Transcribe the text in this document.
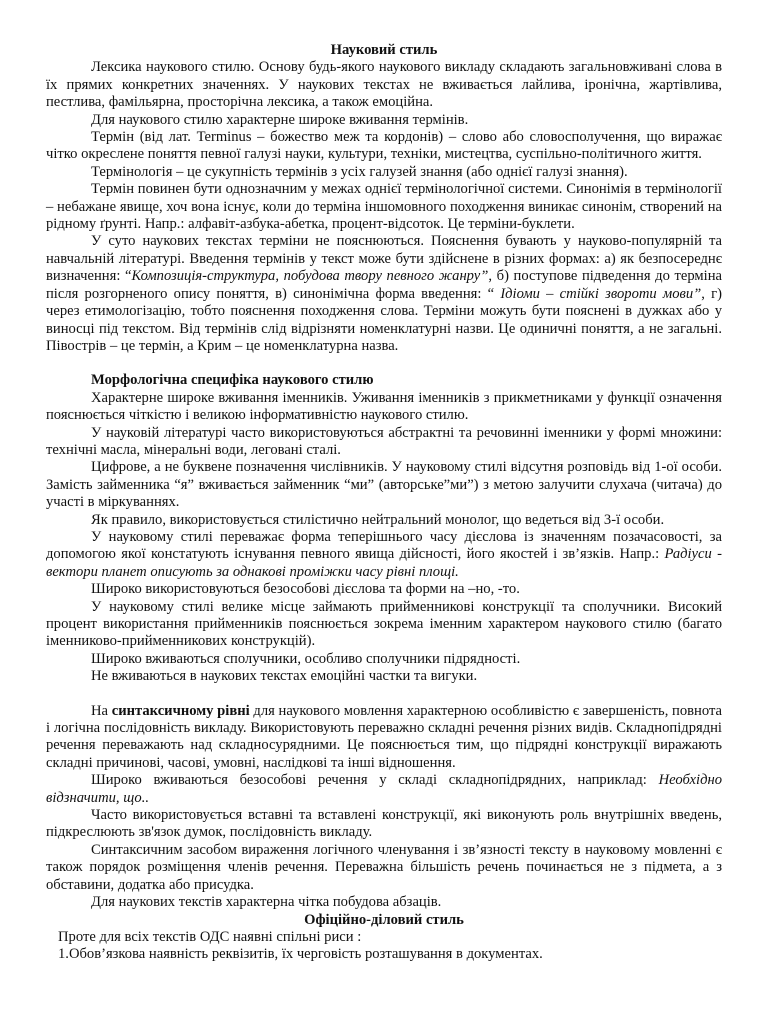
Науковий стиль

Лексика наукового стилю. Основу будь-якого наукового викладу складають загальновживані слова в їх прямих конкретних значеннях. У наукових текстах не вживається лайлива, іронічна, жартівлива, пестлива, фамільярна, просторічна лексика, а також емоційна.

Для наукового стилю характерне широке вживання термінів.

Термін (від лат. Terminus – божество меж та кордонів) – слово або словосполучення, що виражає чітко окреслене поняття певної галузі науки, культури, техніки, мистецтва, суспільно-політичного життя.

Термінологія – це сукупність термінів з усіх галузей знання (або однієї галузі знання).

Термін повинен бути однозначним у межах однієї термінологічної системи. Синонімія в термінології – небажане явище, хоч вона існує, коли до терміна іншомовного походження виникає синонім, створений на рідному ґрунті. Напр.: алфавіт-азбука-абетка, процент-відсоток. Це терміни-буклети.

У суто наукових текстах терміни не пояснюються. Пояснення бувають у науково-популярній та навчальній літературі. Введення термінів у текст може бути здійснене в різних формах: а) як безпосереднє визначення: “Композиція-структура, побудова твору певного жанру”, б) поступове підведення до терміна після розгорненого опису поняття, в) синонімічна форма введення: “ Ідіоми – стійкі звороти мови”, г) через етимологізацію, тобто пояснення походження слова. Терміни можуть бути пояснені в дужках або у виносці під текстом. Від термінів слід відрізняти номенклатурні назви. Це одиничні поняття, а не загальні. Півострів – це термін, а Крим – це номенклатурна назва.

Морфологічна специфіка наукового стилю

Характерне широке вживання іменників. Уживання іменників з прикметниками у функції означення пояснюється чіткістю і великою інформативністю наукового стилю.

У науковій літературі часто використовуються абстрактні та речовинні іменники у формі множини: технічні масла, мінеральні води, леговані сталі.

Цифрове, а не буквене позначення числівників. У науковому стилі відсутня розповідь від 1-ої особи. Замість займенника “я” вживається займенник “ми” (авторське”ми”) з метою залучити слухача (читача) до участі в міркуваннях.

Як правило, використовується стилістично нейтральний монолог, що ведеться від 3-ї особи.

У науковому стилі переважає форма теперішнього часу дієслова із значенням позачасовості, за допомогою якої констатують існування певного явища дійсності, його якостей і зв’язків. Напр.: Радіуси - вектори планет описують за однакові проміжки часу рівні площі.

Широко використовуються безособові дієслова та форми на –но, -то.

У науковому стилі велике місце займають прийменникові конструкції та сполучники. Високий процент використання прийменників пояснюється зокрема іменним характером наукового стилю (багато іменниково-прийменникових конструкцій).

Широко вживаються сполучники, особливо сполучники підрядності.

Не вживаються в наукових текстах емоційні частки та вигуки.

На синтаксичному рівні для наукового мовлення характерною особливістю є завершеність, повнота і логічна послідовність викладу. Використовують переважно складні речення різних видів. Складнопідрядні речення переважають над складносурядними. Це пояснюється тим, що підрядні конструкції виражають складні причинові, часові, умовні, наслідкові та інші відношення.

Широко вживаються безособові речення у складі складнопідрядних, наприклад: Необхідно відзначити, що..

Часто використовується вставні та вставлені конструкції, які виконують роль внутрішніх введень, підкреслюють зв'язок думок, послідовність викладу.

Синтаксичним засобом вираження логічного членування і зв’язності тексту в науковому мовленні є також порядок розміщення членів речення. Переважна більшість речень починається не з підмета, а з обставини, додатка або присудка.

Для наукових текстів характерна чітка побудова абзаців.

Офіційно-діловий стиль

Проте для всіх текстів ОДС наявні спільні риси :

1.Обов’язкова наявність реквізитів, їх черговість розташування в документах.
